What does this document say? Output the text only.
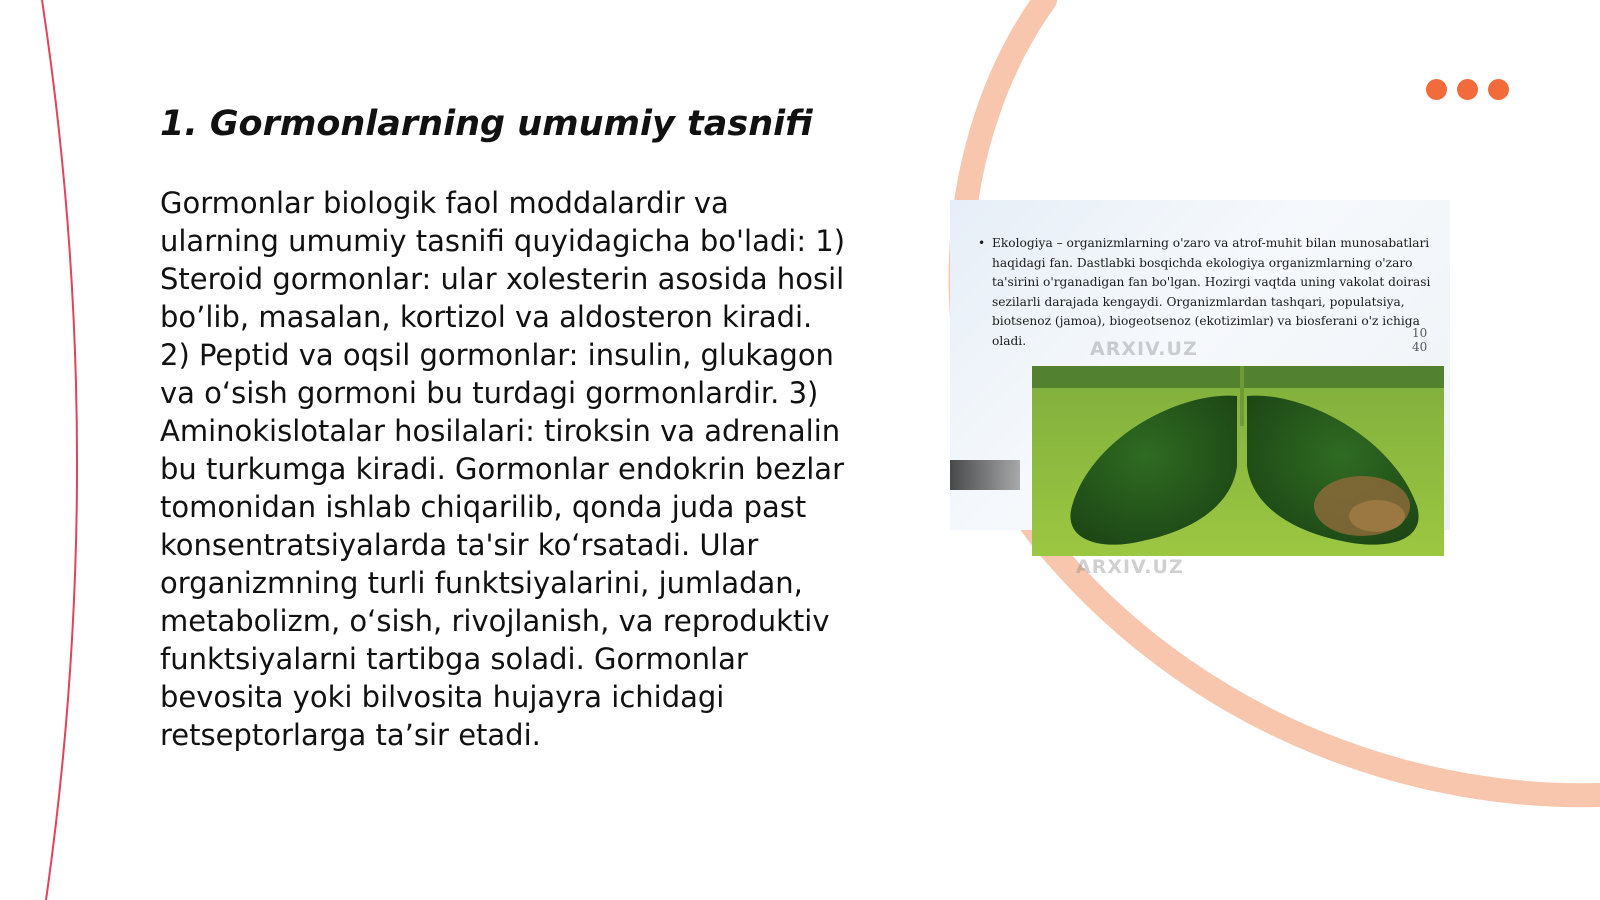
1. Gormonlarning umumiy tasnifi

Gormonlar biologik faol moddalardir va ularning umumiy tasnifi quyidagicha bo'ladi: 1) Steroid gormonlar: ular xolesterin asosida hosil bo’lib, masalan, kortizol va aldosteron kiradi. 2) Peptid va oqsil gormonlar: insulin, glukagon va o‘sish gormoni bu turdagi gormonlardir. 3) Aminokislotalar hosilalari: tiroksin va adrenalin bu turkumga kiradi. Gormonlar endokrin bezlar tomonidan ishlab chiqarilib, qonda juda past konsentratsiyalarda ta'sir ko‘rsatadi. Ular organizmning turli funktsiyalarini, jumladan, metabolizm, o‘sish, rivojlanish, va reproduktiv funktsiyalarni tartibga soladi. Gormonlar bevosita yoki bilvosita hujayra ichidagi retseptorlarga ta’sir etadi.

• Ekologiya – organizmlarning o'zaro va atrof-muhit bilan munosabatlari haqidagi fan. Dastlabki bosqichda ekologiya organizmlarning o'zaro ta'sirini o'rganadigan fan bo'lgan. Hozirgi vaqtda uning vakolat doirasi sezilarli darajada kengaydi. Organizmlardan tashqari, populatsiya, biotsenoz (jamoa), biogeotsenoz (ekotizimlar) va biosferani o'z ichiga oladi.	ARXIV.UZ
10
40
ARXIV.UZ
